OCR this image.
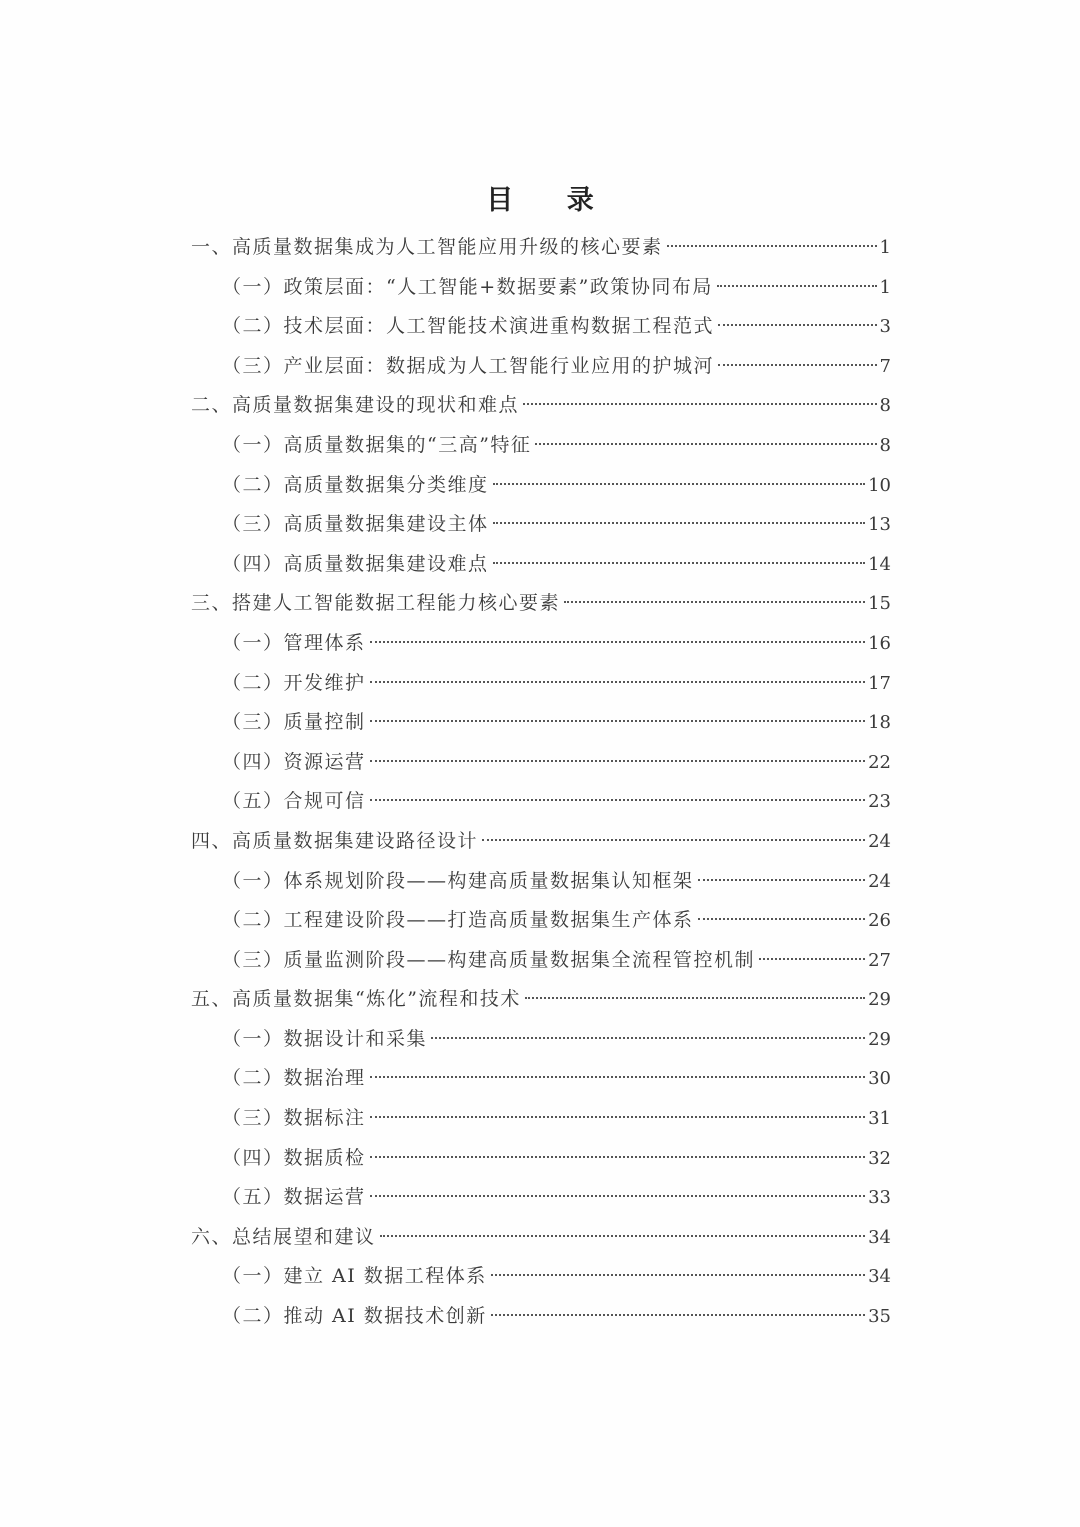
目 录
一、高质量数据集成为人工智能应用升级的核心要素	1
（一）政策层面：“人工智能+数据要素”政策协同布局	1
（二）技术层面：人工智能技术演进重构数据工程范式	3
（三）产业层面：数据成为人工智能行业应用的护城河	7
二、高质量数据集建设的现状和难点	8
（一）高质量数据集的“三高”特征	8
（二）高质量数据集分类维度	10
（三）高质量数据集建设主体	13
（四）高质量数据集建设难点	14
三、搭建人工智能数据工程能力核心要素	15
（一）管理体系	16
（二）开发维护	17
（三）质量控制	18
（四）资源运营	22
（五）合规可信	23
四、高质量数据集建设路径设计	24
（一）体系规划阶段——构建高质量数据集认知框架	24
（二）工程建设阶段——打造高质量数据集生产体系	26
（三）质量监测阶段——构建高质量数据集全流程管控机制	27
五、高质量数据集“炼化”流程和技术	29
（一）数据设计和采集	29
（二）数据治理	30
（三）数据标注	31
（四）数据质检	32
（五）数据运营	33
六、总结展望和建议	34
（一）建立 AI 数据工程体系	34
（二）推动 AI 数据技术创新	35
